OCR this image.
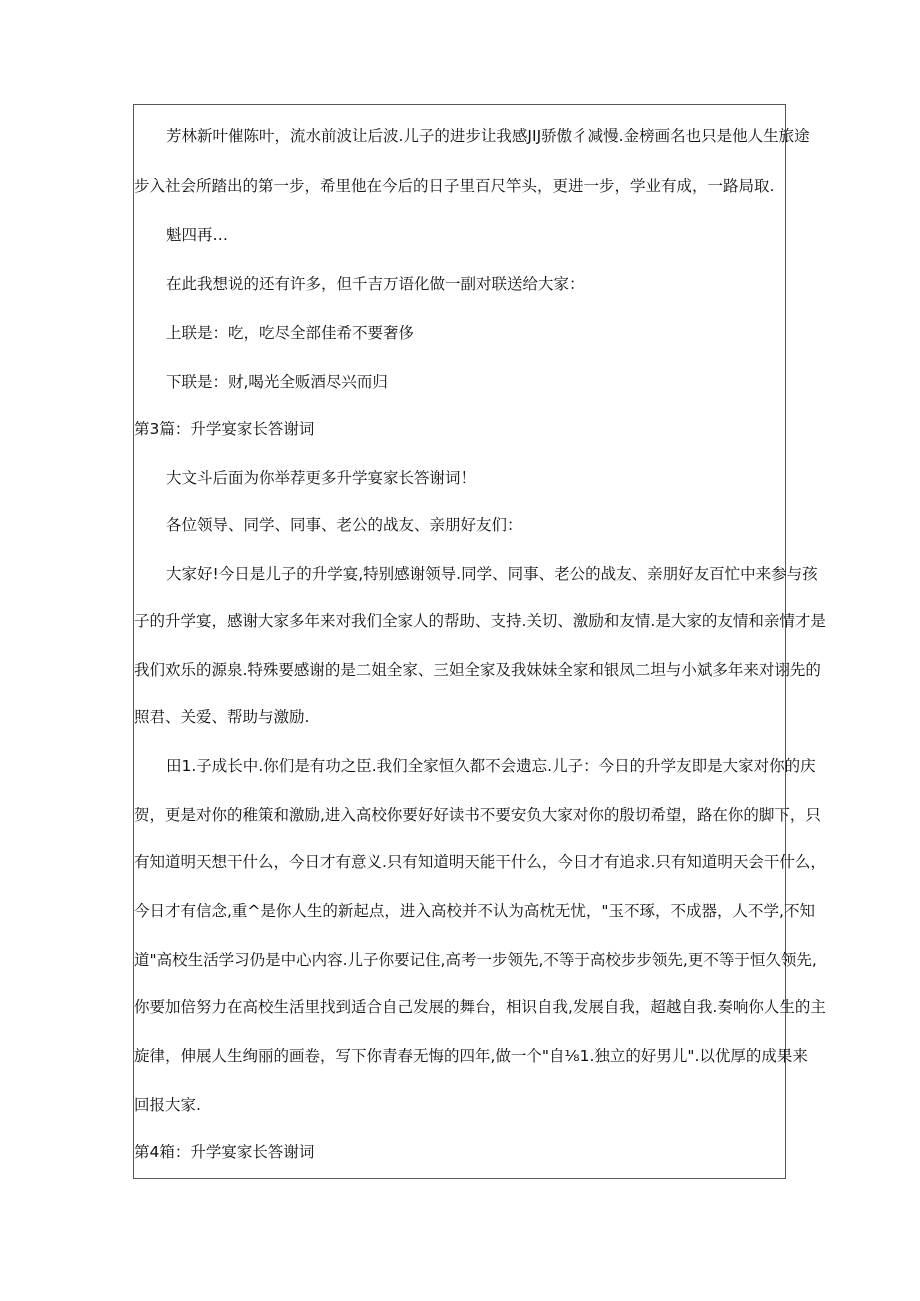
芳林新叶催陈叶，流水前波让后波.儿子的进步让我感JIJ骄傲彳减慢.金榜画名也只是他人生旅途
步入社会所踏出的第一步，希里他在今后的日子里百尺竿头，更进一步，学业有成，一路局取.
魁四再…
在此我想说的还有许多，但千吉万语化做一副对联送给大家：
上联是：吃，吃尽全部佳希不要奢侈
下联是：财,喝光全贩酒尽兴而归
第3篇：升学宴家长答谢词
大文斗后面为你举荐更多升学宴家长答谢词！
各位领导、同学、同事、老公的战友、亲朋好友们：
大家好!今日是儿子的升学宴,特别感谢领导.同学、同事、老公的战友、亲朋好友百忙中来参与孩
子的升学宴，感谢大家多年来对我们全家人的帮助、支持.关切、激励和友情.是大家的友情和亲情才是
我们欢乐的源泉.特殊要感谢的是二姐全家、三妲全家及我妹妹全家和银凤二坦与小斌多年来对诩先的
照君、关爱、帮助与激励.
田1.子成长中.你们是有功之臣.我们全家恒久都不会遗忘.儿子：今日的升学友即是大家对你的庆
贺，更是对你的稚策和激励,进入高校你要好好读书不要安负大家对你的殷切希望，路在你的脚下，只
有知道明天想干什么，今日才有意义.只有知道明天能干什么，今日才有追求.只有知道明天会干什么，
今日才有信念,重^是你人生的新起点，进入高校并不认为高枕无忧，"玉不琢，不成器，人不学,不知
道"高校生活学习仍是中心内容.儿子你要记住,高考一步领先,不等于高校步步领先,更不等于恒久领先,
你要加倍努力在高校生活里找到适合自己发展的舞台，相识自我,发展自我，超越自我.奏响你人生的主
旋律，伸展人生绚丽的画卷，写下你青春无悔的四年,做一个"自⅛1.独立的好男儿".以优厚的成果来
回报大家.
第4箱：升学宴家长答谢词
